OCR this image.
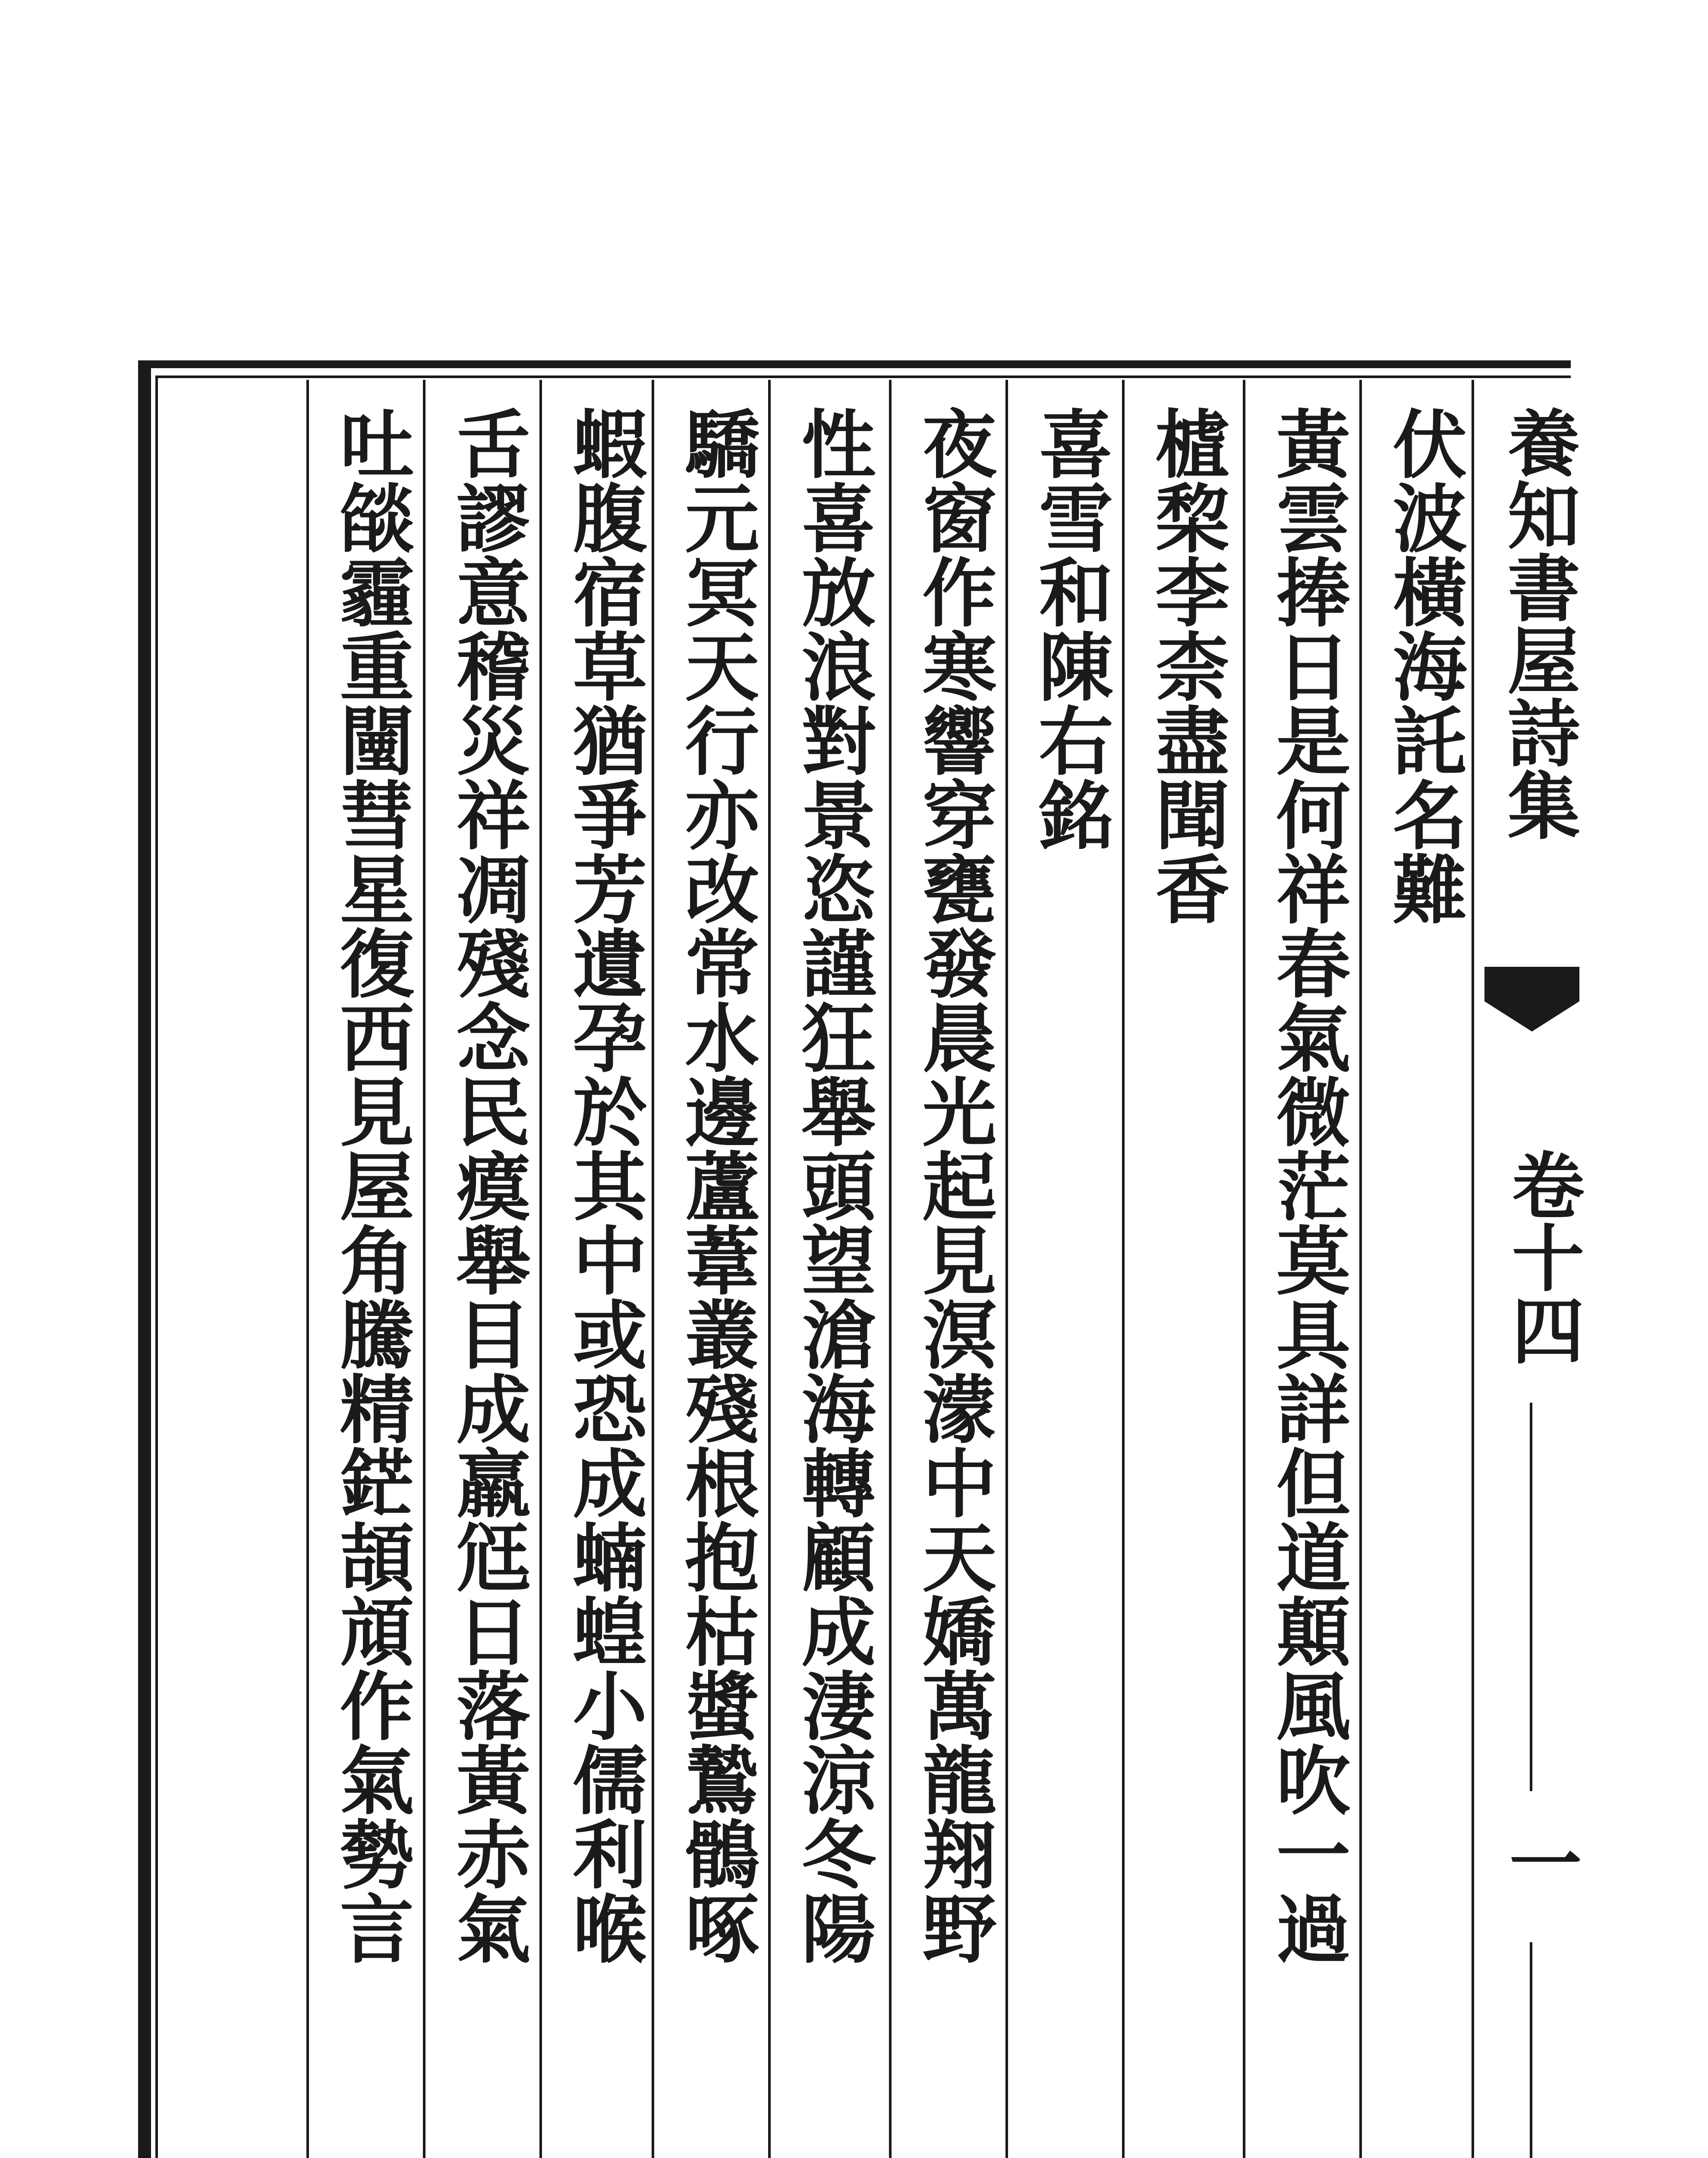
養知書屋詩集
卷十四
一
伏波橫海託名難
黃雲捧日是何祥春氣微茫莫具詳但道顛風吹一過
樝棃李柰盡聞香
喜雪和陳右銘
夜窗作寒響穿甕發晨光起見溟濛中天嬌萬龍翔野
性喜放浪對景恣謹狂舉頭望滄海轉顧成淒涼冬陽
驕元冥天行亦改常水邊蘆葦叢殘根抱枯螿鷙鶻啄
蝦腹宿草猶爭芳遺孕於其中或恐成蝻蝗小儒利喉
舌謬意稽災祥凋殘念民瘼舉目成羸尩日落黃赤氣
吐燄霾重闉彗星復西見屋角騰精鋩頡頏作氣勢言
